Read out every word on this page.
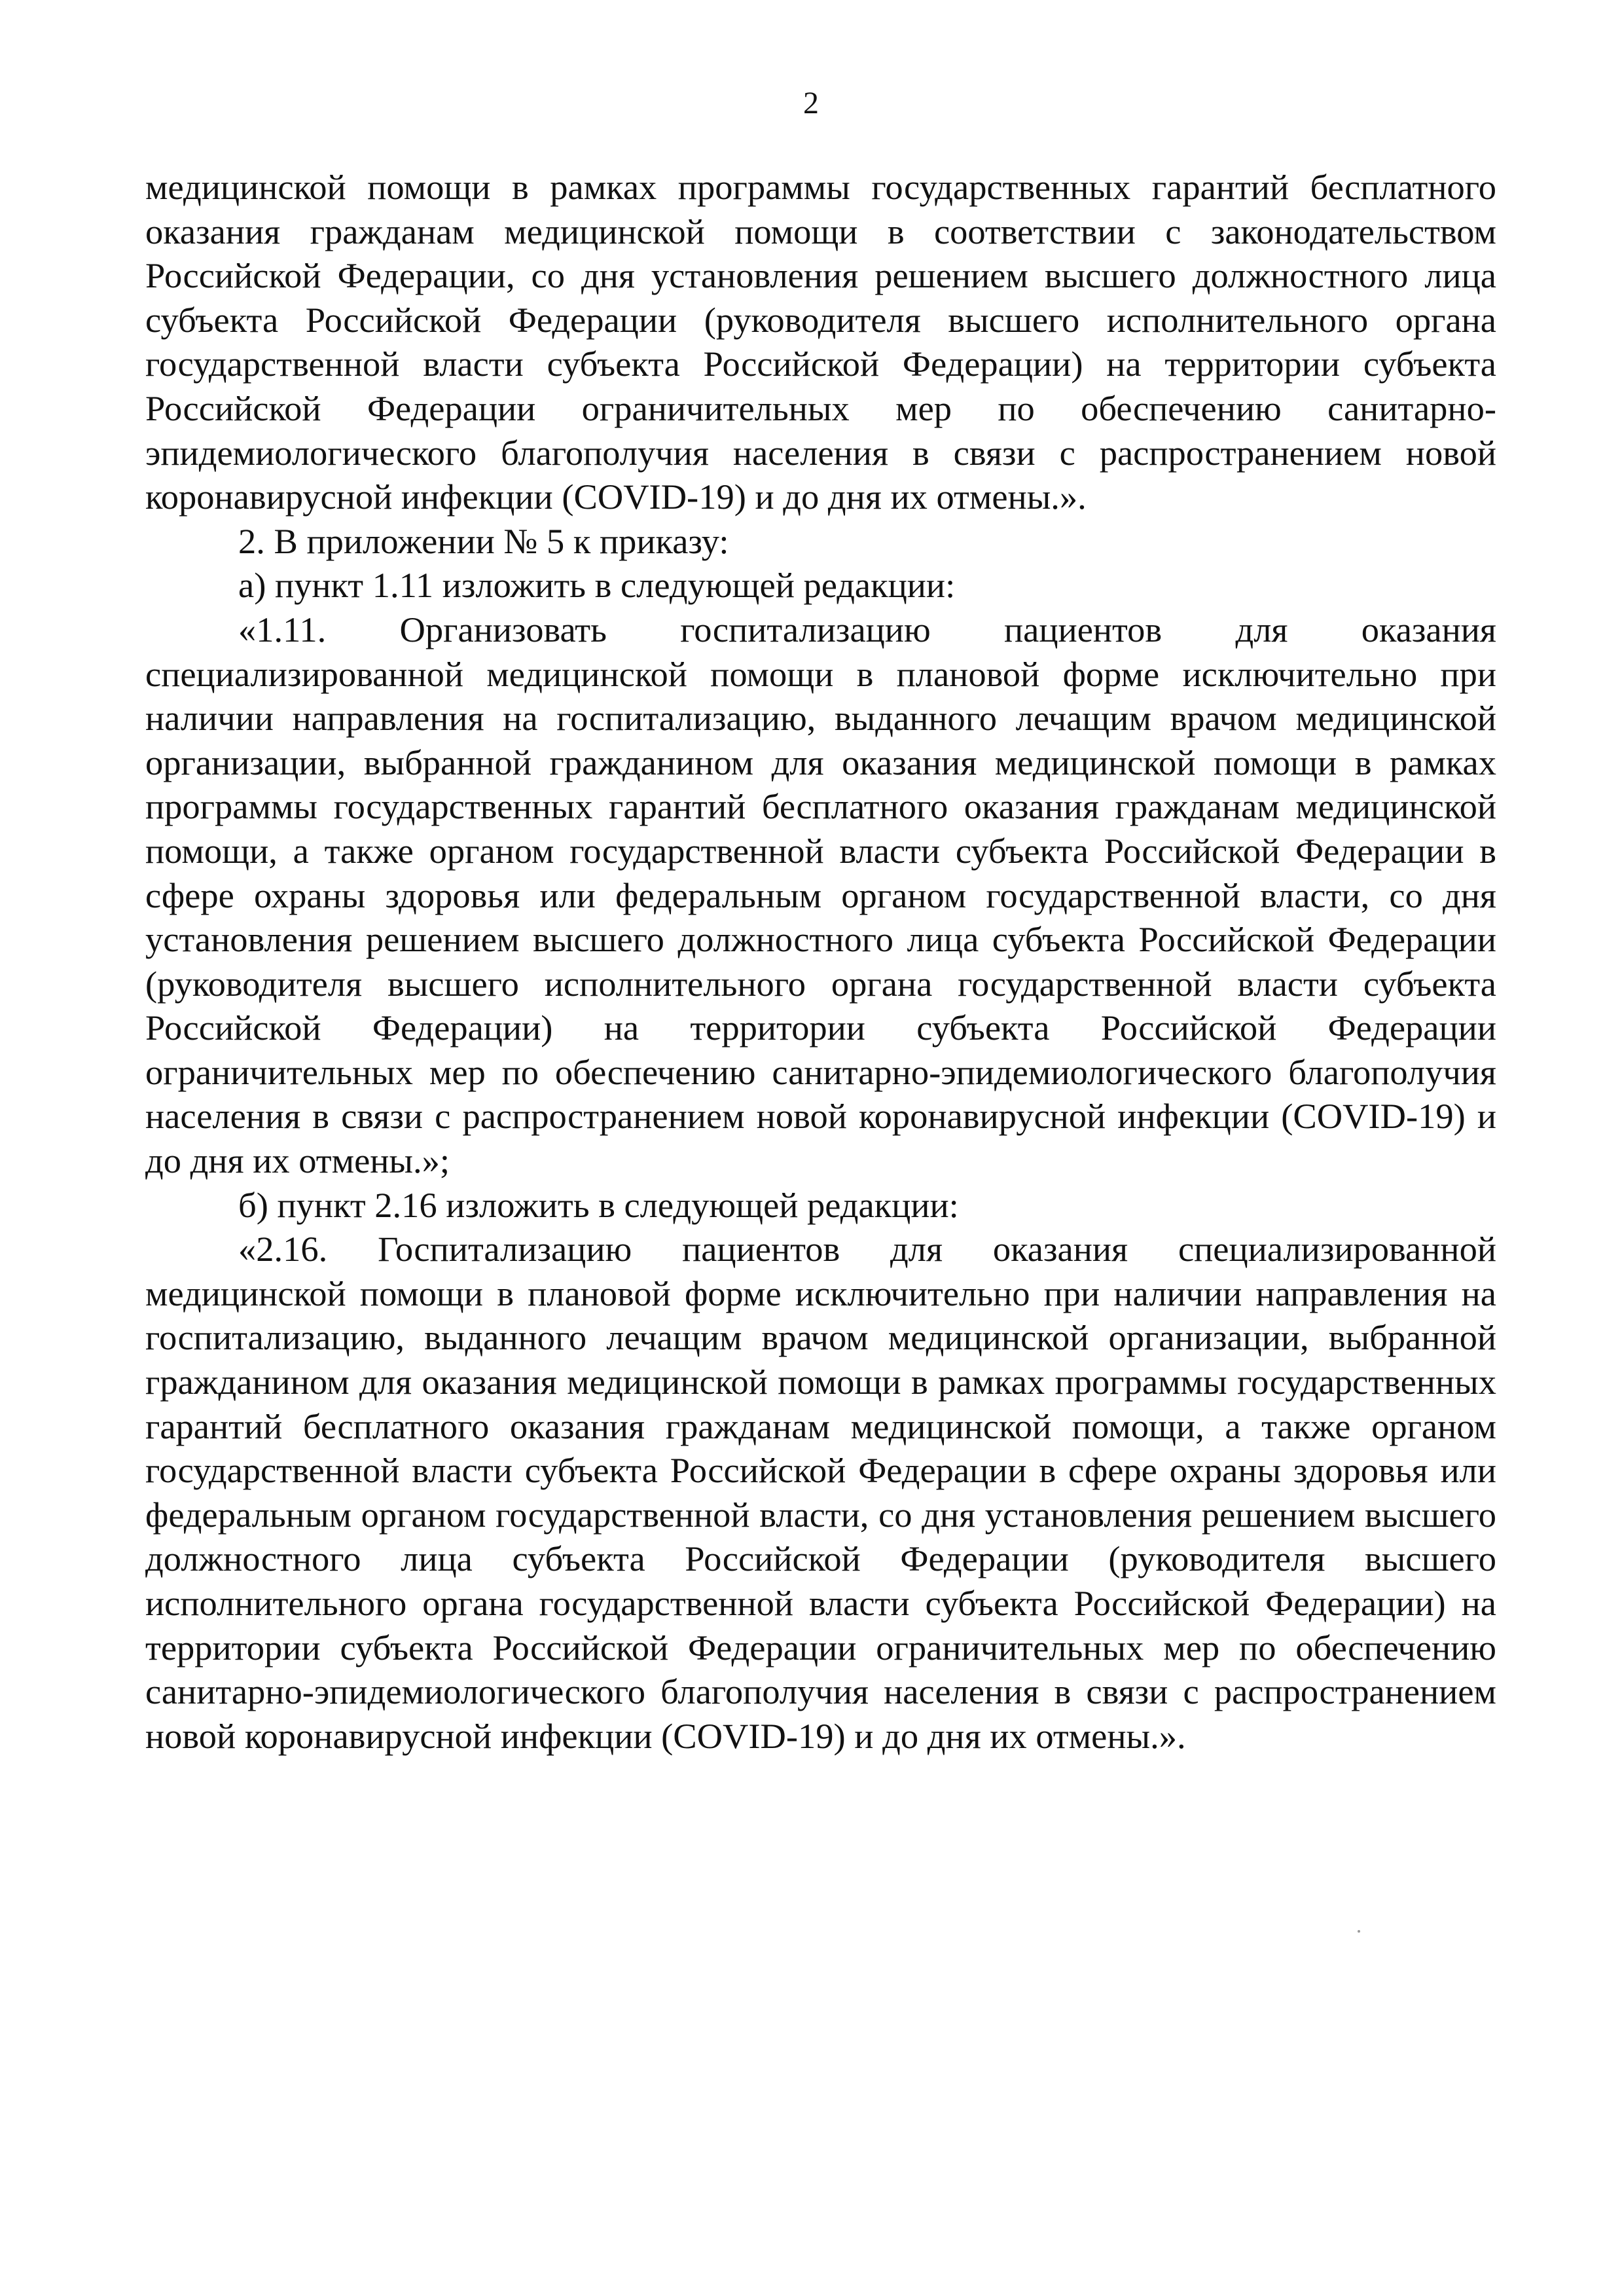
2

медицинской помощи в рамках программы государственных гарантий бесплатного оказания гражданам медицинской помощи в соответствии с законодательством Российской Федерации, со дня установления решением высшего должностного лица субъекта Российской Федерации (руководителя высшего исполнительного органа государственной власти субъекта Российской Федерации) на территории субъекта Российской Федерации ограничительных мер по обеспечению санитарно-эпидемиологического благополучия населения в связи с распространением новой коронавирусной инфекции (COVID-19) и до дня их отмены.».

2. В приложении № 5 к приказу:

а) пункт 1.11 изложить в следующей редакции:

«1.11. Организовать госпитализацию пациентов для оказания специализированной медицинской помощи в плановой форме исключительно при наличии направления на госпитализацию, выданного лечащим врачом медицинской организации, выбранной гражданином для оказания медицинской помощи в рамках программы государственных гарантий бесплатного оказания гражданам медицинской помощи, а также органом государственной власти субъекта Российской Федерации в сфере охраны здоровья или федеральным органом государственной власти, со дня установления решением высшего должностного лица субъекта Российской Федерации (руководителя высшего исполнительного органа государственной власти субъекта Российской Федерации) на территории субъекта Российской Федерации ограничительных мер по обеспечению санитарно-эпидемиологического благополучия населения в связи с распространением новой коронавирусной инфекции (COVID-19) и до дня их отмены.»;

б) пункт 2.16 изложить в следующей редакции:

«2.16. Госпитализацию пациентов для оказания специализированной медицинской помощи в плановой форме исключительно при наличии направления на госпитализацию, выданного лечащим врачом медицинской организации, выбранной гражданином для оказания медицинской помощи в рамках программы государственных гарантий бесплатного оказания гражданам медицинской помощи, а также органом государственной власти субъекта Российской Федерации в сфере охраны здоровья или федеральным органом государственной власти, со дня установления решением высшего должностного лица субъекта Российской Федерации (руководителя высшего исполнительного органа государственной власти субъекта Российской Федерации) на территории субъекта Российской Федерации ограничительных мер по обеспечению санитарно-эпидемиологического благополучия населения в связи с распространением новой коронавирусной инфекции (COVID-19) и до дня их отмены.».
